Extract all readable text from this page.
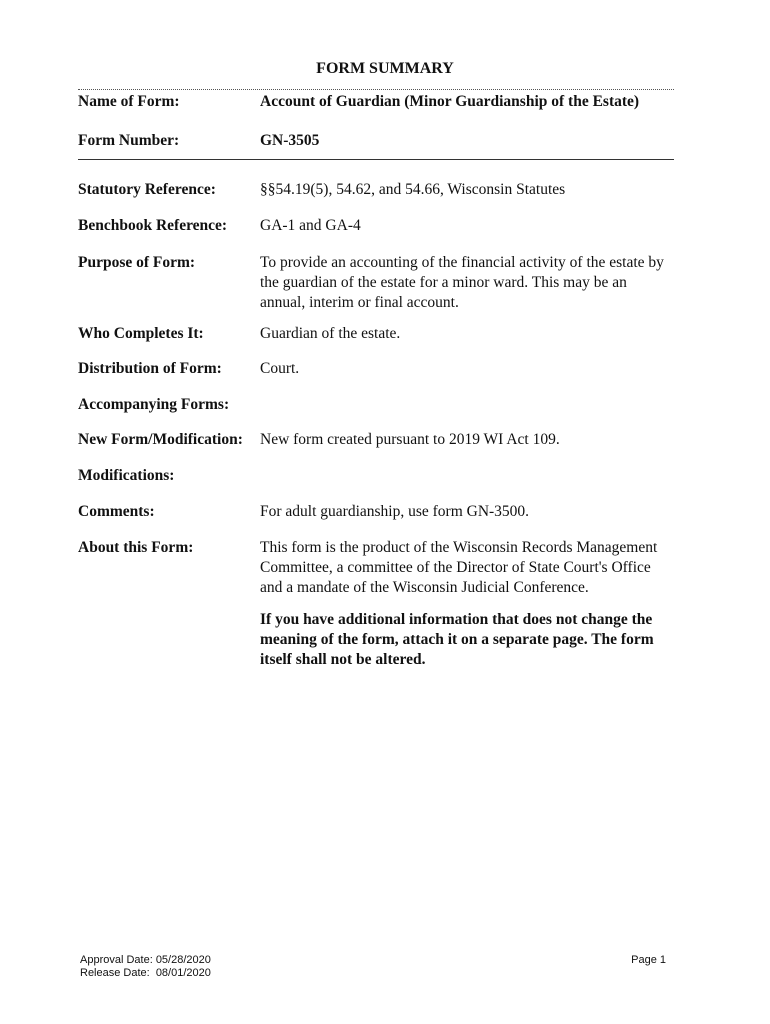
FORM SUMMARY
Name of Form:	Account of Guardian (Minor Guardianship of the Estate)
Form Number:	GN-3505
Statutory Reference:	§§54.19(5), 54.62, and 54.66, Wisconsin Statutes
Benchbook Reference:	GA-1 and GA-4
Purpose of Form:	To provide an accounting of the financial activity of the estate by the guardian of the estate for a minor ward. This may be an annual, interim or final account.
Who Completes It:	Guardian of the estate.
Distribution of Form:	Court.
Accompanying Forms:
New Form/Modification:	New form created pursuant to 2019 WI Act 109.
Modifications:
Comments:	For adult guardianship, use form GN-3500.
About this Form:	This form is the product of the Wisconsin Records Management Committee, a committee of the Director of State Court's Office and a mandate of the Wisconsin Judicial Conference.
If you have additional information that does not change the meaning of the form, attach it on a separate page. The form itself shall not be altered.
Approval Date: 05/28/2020
Release Date:  08/01/2020
Page 1
